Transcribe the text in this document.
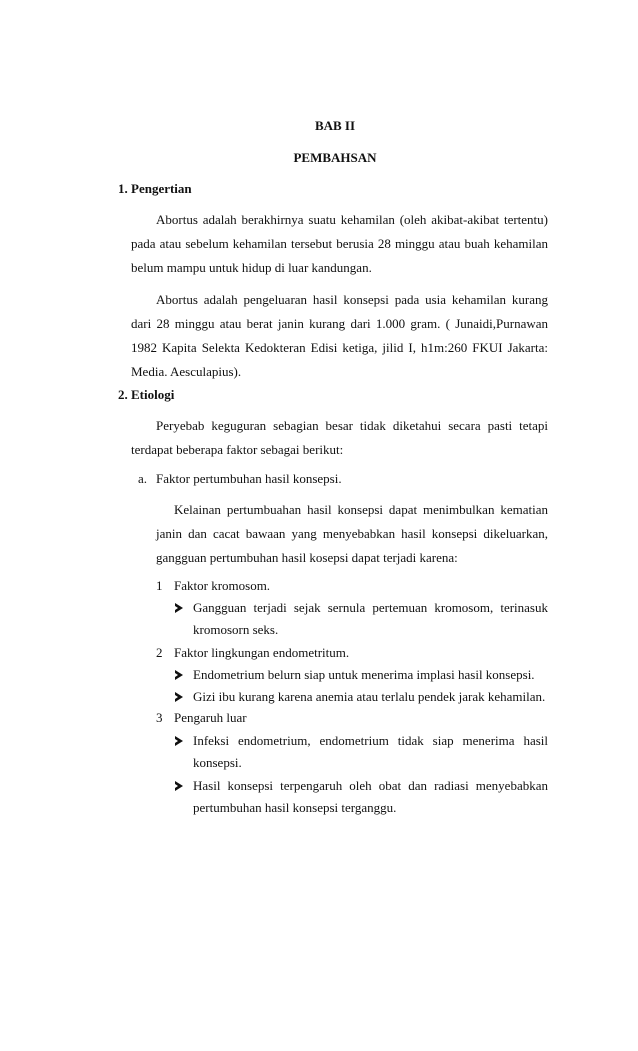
BAB II
PEMBAHSAN
1. Pengertian

Abortus adalah berakhirnya suatu kehamilan (oleh akibat-akibat tertentu) pada atau sebelum kehamilan tersebut berusia 28 minggu atau buah kehamilan belum mampu untuk hidup di luar kandungan.

Abortus adalah pengeluaran hasil konsepsi pada usia kehamilan kurang dari 28 minggu atau berat janin kurang dari 1.000 gram. ( Junaidi,Purnawan 1982 Kapita Selekta Kedokteran Edisi ketiga, jilid I, h1m:260 FKUI Jakarta: Media. Aesculapius).

2. Etiologi

Peryebab keguguran sebagian besar tidak diketahui secara pasti tetapi terdapat beberapa faktor sebagai berikut:

a. Faktor pertumbuhan hasil konsepsi.

Kelainan pertumbuahan hasil konsepsi dapat menimbulkan kematian janin dan cacat bawaan yang menyebabkan hasil konsepsi dikeluarkan, gangguan pertumbuhan hasil kosepsi dapat terjadi karena:

1 Faktor kromosom.
Gangguan terjadi sejak sernula pertemuan kromosom, terinasuk kromosorn seks.
2 Faktor lingkungan endometritum.
Endometrium belurn siap untuk menerima implasi hasil konsepsi.
Gizi ibu kurang karena anemia atau terlalu pendek jarak kehamilan.
3 Pengaruh luar
Infeksi endometrium, endometrium tidak siap menerima hasil konsepsi.
Hasil konsepsi terpengaruh oleh obat dan radiasi menyebabkan pertumbuhan hasil konsepsi terganggu.
